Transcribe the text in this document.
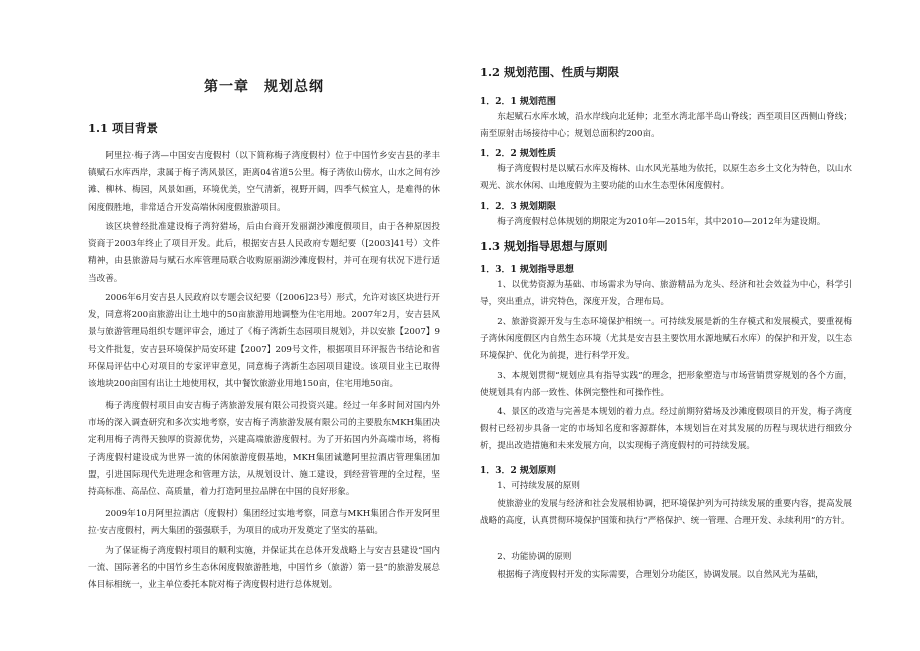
第一章　规划总纲
1.1 项目背景

阿里拉·梅子湾—中国安吉度假村（以下简称梅子湾度假村）位于中国竹乡安吉县的孝丰镇赋石水库西岸，隶属于梅子湾风景区，距离04省道5公里。梅子湾依山傍水，山水之间有沙滩、柳林、梅园，风景如画，环境优美，空气清新，视野开阔，四季气候宜人，是难得的休闲度假胜地，非常适合开发高端休闲度假旅游项目。

该区块曾经批准建设梅子湾狩猎场，后由台商开发丽湖沙滩度假项目，由于各种原因投资商于2003年终止了项目开发。此后，根据安吉县人民政府专题纪要（[2003]41号）文件精神，由县旅游局与赋石水库管理局联合收购原丽湖沙滩度假村，并可在现有状况下进行适当改善。

2006年6月安吉县人民政府以专题会议纪要（[2006]23号）形式，允许对该区块进行开发，同意将200亩旅游出让土地中的50亩旅游用地调整为住宅用地。2007年2月，安吉县风景与旅游管理局组织专题评审会，通过了《梅子湾新生态园项目规划》，并以安旅【2007】9号文件批复，安吉县环境保护局安环建【2007】209号文件，根据项目环评报告书结论和省环保局评估中心对项目的专家评审意见，同意梅子湾新生态园项目建设。该项目业主已取得该地块200亩国有出让土地使用权，其中餐饮旅游业用地150亩，住宅用地50亩。

梅子湾度假村项目由安吉梅子湾旅游发展有限公司投资兴建。经过一年多时间对国内外市场的深入调查研究和多次实地考察，安吉梅子湾旅游发展有限公司的主要股东MKH集团决定利用梅子湾得天独厚的资源优势，兴建高端旅游度假村。为了开拓国内外高端市场，将梅子湾度假村建设成为世界一流的休闲旅游度假基地，MKH集团诚邀阿里拉酒店管理集团加盟，引进国际现代先进理念和管理方法，从规划设计、施工建设，到经营管理的全过程，坚持高标准、高品位、高质量，着力打造阿里拉品牌在中国的良好形象。

2009年10月阿里拉酒店（度假村）集团经过实地考察，同意与MKH集团合作开发阿里拉·安吉度假村，两大集团的强强联手，为项目的成功开发奠定了坚实的基础。

为了保证梅子湾度假村项目的顺利实施，并保证其在总体开发战略上与安吉县建设“国内一流、国际著名的中国竹乡生态休闲度假旅游胜地，中国竹乡（旅游）第一县”的旅游发展总体目标相统一，业主单位委托本院对梅子湾度假村进行总体规划。

1.2 规划范围、性质与期限
1．2．1 规划范围

东起赋石水库水域，沿水岸线向北延伸；北至水湾北部半岛山脊线；西至项目区西侧山脊线；南至原射击场接待中心；规划总面积约200亩。

1．2．2 规划性质

梅子湾度假村是以赋石水库及梅林、山水风光基地为依托，以原生态乡土文化为特色，以山水观光、滨水休闲、山地度假为主要功能的山水生态型休闲度假村。

1．2．3 规划期限

梅子湾度假村总体规划的期限定为2010年—2015年，其中2010—2012年为建设期。

1.3 规划指导思想与原则
1．3．1 规划指导思想

1、以优势资源为基础、市场需求为导向、旅游精品为龙头、经济和社会效益为中心，科学引导，突出重点，讲究特色，深度开发，合理布局。

2、旅游资源开发与生态环境保护相统一。可持续发展是新的生存模式和发展模式，要重视梅子湾休闲度假区内自然生态环境（尤其是安吉县主要饮用水源地赋石水库）的保护和开发，以生态环境保护、优化为前提，进行科学开发。

3、本规划贯彻“规划应具有指导实践”的理念，把形象塑造与市场营销贯穿规划的各个方面，使规划具有内部一致性、体例完整性和可操作性。

4、景区的改造与完善是本规划的着力点。经过前期狩猎场及沙滩度假项目的开发，梅子湾度假村已经初步具备一定的市场知名度和客源群体，本规划旨在对其发展的历程与现状进行细致分析，提出改造措施和未来发展方向，以实现梅子湾度假村的可持续发展。

1．3．2 规划原则

1、可持续发展的原则

使旅游业的发展与经济和社会发展相协调，把环境保护列为可持续发展的重要内容，提高发展战略的高度，认真贯彻环境保护国策和执行“严格保护、统一管理、合理开发、永续利用”的方针。

2、功能协调的原则

根据梅子湾度假村开发的实际需要，合理划分功能区，协调发展。以自然风光为基础，
